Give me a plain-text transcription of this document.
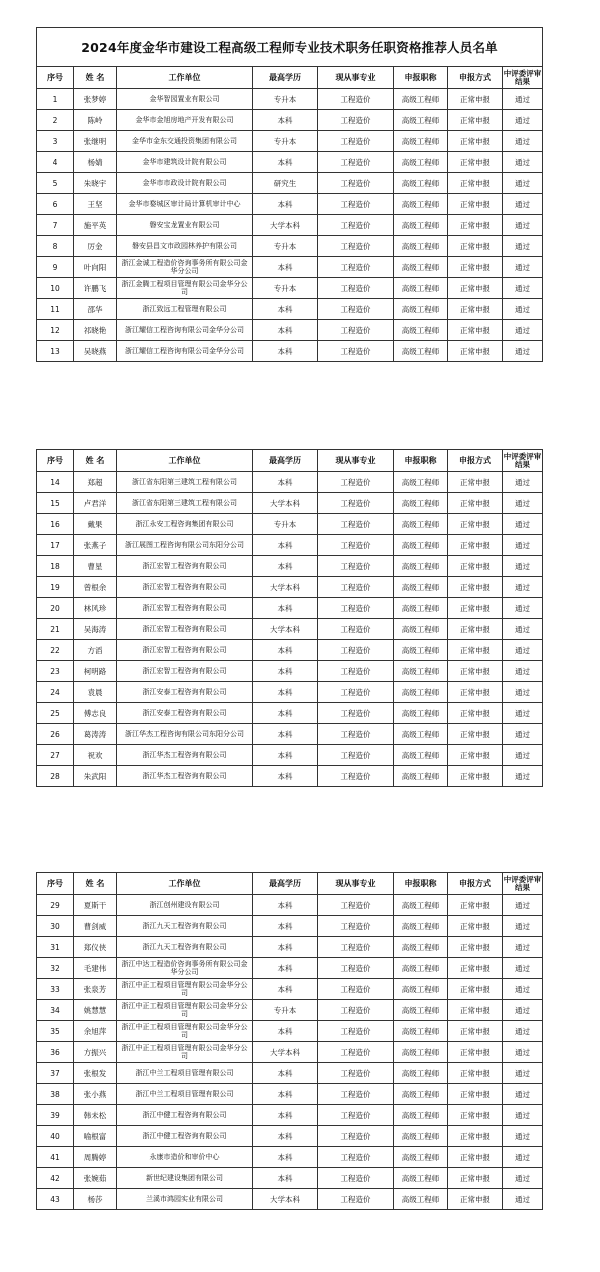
2024年度金华市建设工程高级工程师专业技术职务任职资格推荐人员名单							
序号	姓 名	工作单位	最高学历	现从事专业	申报职称	申报方式	中评委评审结果
1	张梦婷	金华智园置业有限公司	专升本	工程造价	高级工程师	正常申报	通过
2	陈岭	金华市金旭房地产开发有限公司	本科	工程造价	高级工程师	正常申报	通过
3	张继明	金华市金东交通投资集团有限公司	专升本	工程造价	高级工程师	正常申报	通过
4	杨婧	金华市建筑设计院有限公司	本科	工程造价	高级工程师	正常申报	通过
5	朱晓宇	金华市市政设计院有限公司	研究生	工程造价	高级工程师	正常申报	通过
6	王坚	金华市婺城区审计局计算机审计中心	本科	工程造价	高级工程师	正常申报	通过
7	施平英	磐安宝龙置业有限公司	大学本科	工程造价	高级工程师	正常申报	通过
8	厉金	磐安县昌文市政园林养护有限公司	专升本	工程造价	高级工程师	正常申报	通过
9	叶向阳	浙江金诚工程造价咨询事务所有限公司金华分公司	本科	工程造价	高级工程师	正常申报	通过
10	许鹏飞	浙江金腾工程项目管理有限公司金华分公司	专升本	工程造价	高级工程师	正常申报	通过
11	邵华	浙江致远工程管理有限公司	本科	工程造价	高级工程师	正常申报	通过
12	祁晓艳	浙江耀信工程咨询有限公司金华分公司	本科	工程造价	高级工程师	正常申报	通过
13	吴晓燕	浙江耀信工程咨询有限公司金华分公司	本科	工程造价	高级工程师	正常申报	通过
序号	姓 名	工作单位	最高学历	现从事专业	申报职称	申报方式	中评委评审结果
14	郑超	浙江省东阳第三建筑工程有限公司	本科	工程造价	高级工程师	正常申报	通过
15	卢君洋	浙江省东阳第三建筑工程有限公司	大学本科	工程造价	高级工程师	正常申报	通过
16	戴果	浙江永安工程咨询集团有限公司	专升本	工程造价	高级工程师	正常申报	通过
17	张燕子	浙江展图工程咨询有限公司东阳分公司	本科	工程造价	高级工程师	正常申报	通过
18	曹星	浙江宏智工程咨询有限公司	本科	工程造价	高级工程师	正常申报	通过
19	曾根余	浙江宏智工程咨询有限公司	大学本科	工程造价	高级工程师	正常申报	通过
20	林风珍	浙江宏智工程咨询有限公司	本科	工程造价	高级工程师	正常申报	通过
21	吴海涛	浙江宏智工程咨询有限公司	大学本科	工程造价	高级工程师	正常申报	通过
22	方滔	浙江宏智工程咨询有限公司	本科	工程造价	高级工程师	正常申报	通过
23	柯明路	浙江宏智工程咨询有限公司	本科	工程造价	高级工程师	正常申报	通过
24	袁晨	浙江安泰工程咨询有限公司	本科	工程造价	高级工程师	正常申报	通过
25	傅志良	浙江安泰工程咨询有限公司	本科	工程造价	高级工程师	正常申报	通过
26	葛涛涛	浙江华杰工程咨询有限公司东阳分公司	本科	工程造价	高级工程师	正常申报	通过
27	祝欢	浙江华杰工程咨询有限公司	本科	工程造价	高级工程师	正常申报	通过
28	朱武阳	浙江华杰工程咨询有限公司	本科	工程造价	高级工程师	正常申报	通过
序号	姓 名	工作单位	最高学历	现从事专业	申报职称	申报方式	中评委评审结果
29	夏斯干	浙江创州建设有限公司	本科	工程造价	高级工程师	正常申报	通过
30	曹剑威	浙江九天工程咨询有限公司	本科	工程造价	高级工程师	正常申报	通过
31	郑仪侠	浙江九天工程咨询有限公司	本科	工程造价	高级工程师	正常申报	通过
32	毛建伟	浙江中达工程造价咨询事务所有限公司金华分公司	本科	工程造价	高级工程师	正常申报	通过
33	张泉芳	浙江中正工程项目管理有限公司金华分公司	本科	工程造价	高级工程师	正常申报	通过
34	姚慧慧	浙江中正工程项目管理有限公司金华分公司	专升本	工程造价	高级工程师	正常申报	通过
35	余旭萍	浙江中正工程项目管理有限公司金华分公司	本科	工程造价	高级工程师	正常申报	通过
36	方振兴	浙江中正工程项目管理有限公司金华分公司	大学本科	工程造价	高级工程师	正常申报	通过
37	张根发	浙江中兰工程项目管理有限公司	本科	工程造价	高级工程师	正常申报	通过
38	张小燕	浙江中兰工程项目管理有限公司	本科	工程造价	高级工程师	正常申报	通过
39	韩未松	浙江中健工程咨询有限公司	本科	工程造价	高级工程师	正常申报	通过
40	喻根富	浙江中健工程咨询有限公司	本科	工程造价	高级工程师	正常申报	通过
41	周腾婷	永康市造价和审价中心	本科	工程造价	高级工程师	正常申报	通过
42	张婉茹	新世纪建设集团有限公司	本科	工程造价	高级工程师	正常申报	通过
43	杨莎	兰溪市鸿园实业有限公司	大学本科	工程造价	高级工程师	正常申报	通过
